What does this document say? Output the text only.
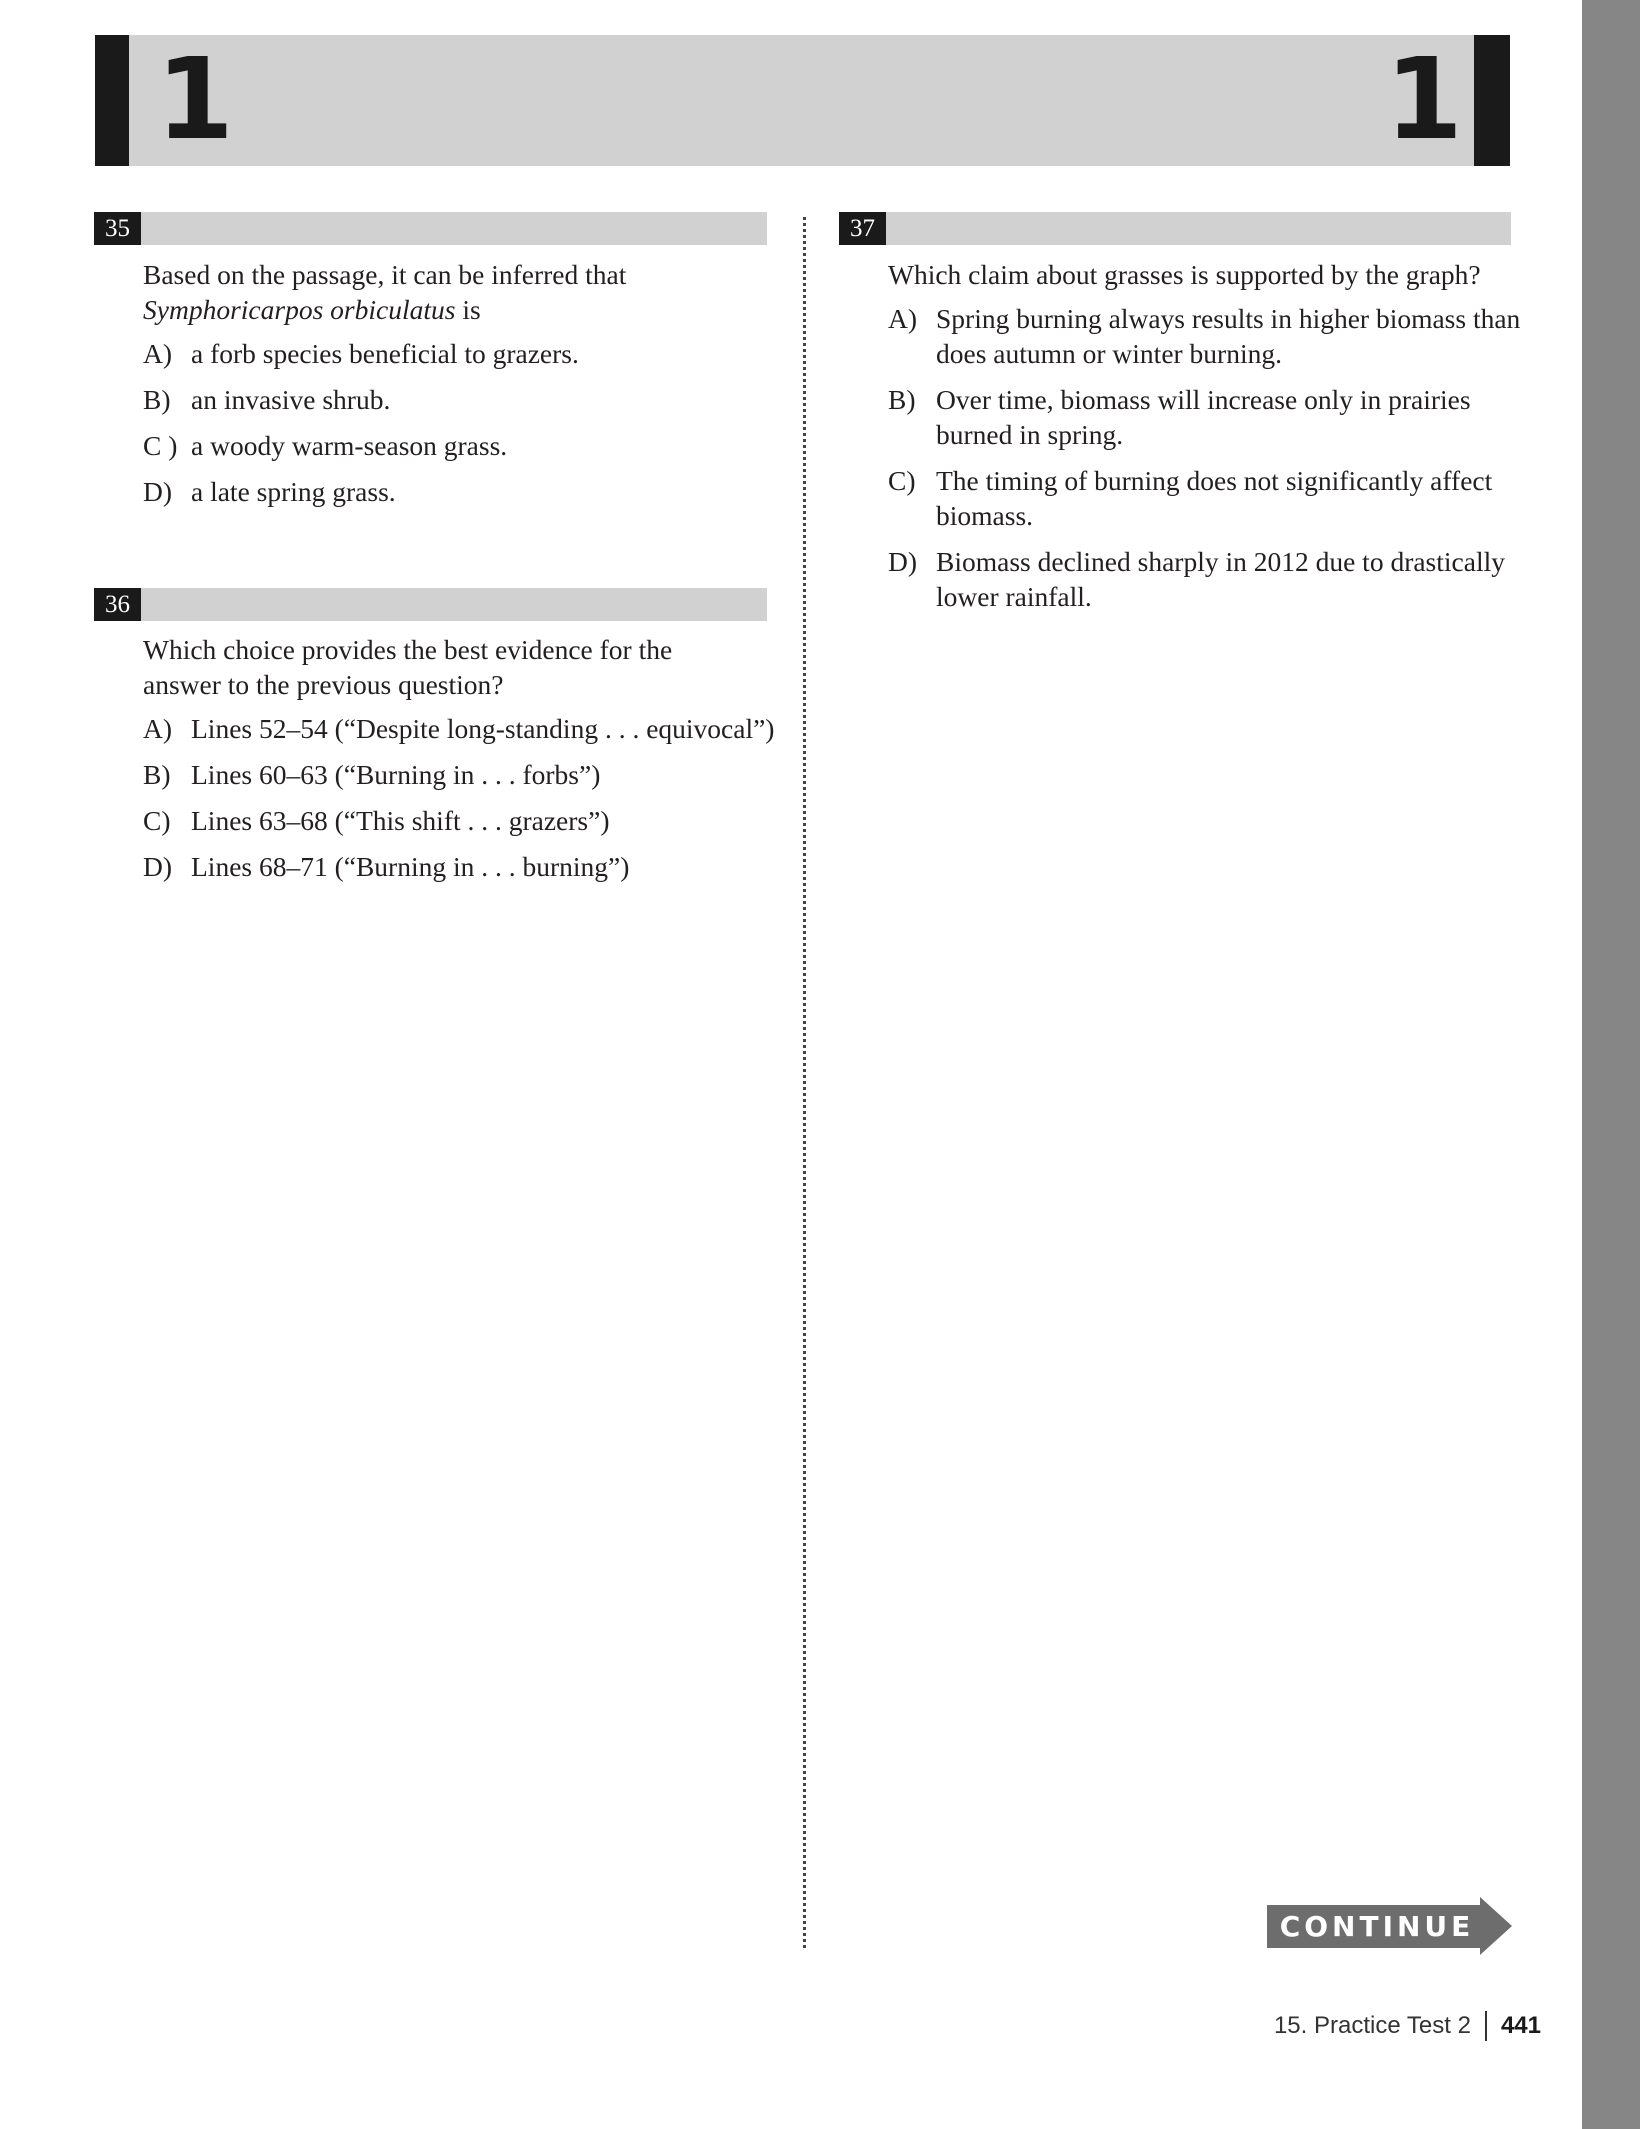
1	1
35
Based on the passage, it can be inferred that
Symphoricarpos orbiculatus is
A) a forb species beneficial to grazers.
B) an invasive shrub.
C ) a woody warm-season grass.
D) a late spring grass.
36
Which choice provides the best evidence for the answer to the previous question?
A) Lines 52–54 (“Despite long-standing . . . equivocal”)
B) Lines 60–63 (“Burning in . . . forbs”)
C) Lines 63–68 (“This shift . . . grazers”)
D) Lines 68–71 (“Burning in . . . burning”)
37
Which claim about grasses is supported by the graph?
A) Spring burning always results in higher biomass than does autumn or winter burning.
B) Over time, biomass will increase only in prairies burned in spring.
C) The timing of burning does not significantly affect biomass.
D) Biomass declined sharply in 2012 due to drastically lower rainfall.
CONTINUE
15. Practice Test 2 441
